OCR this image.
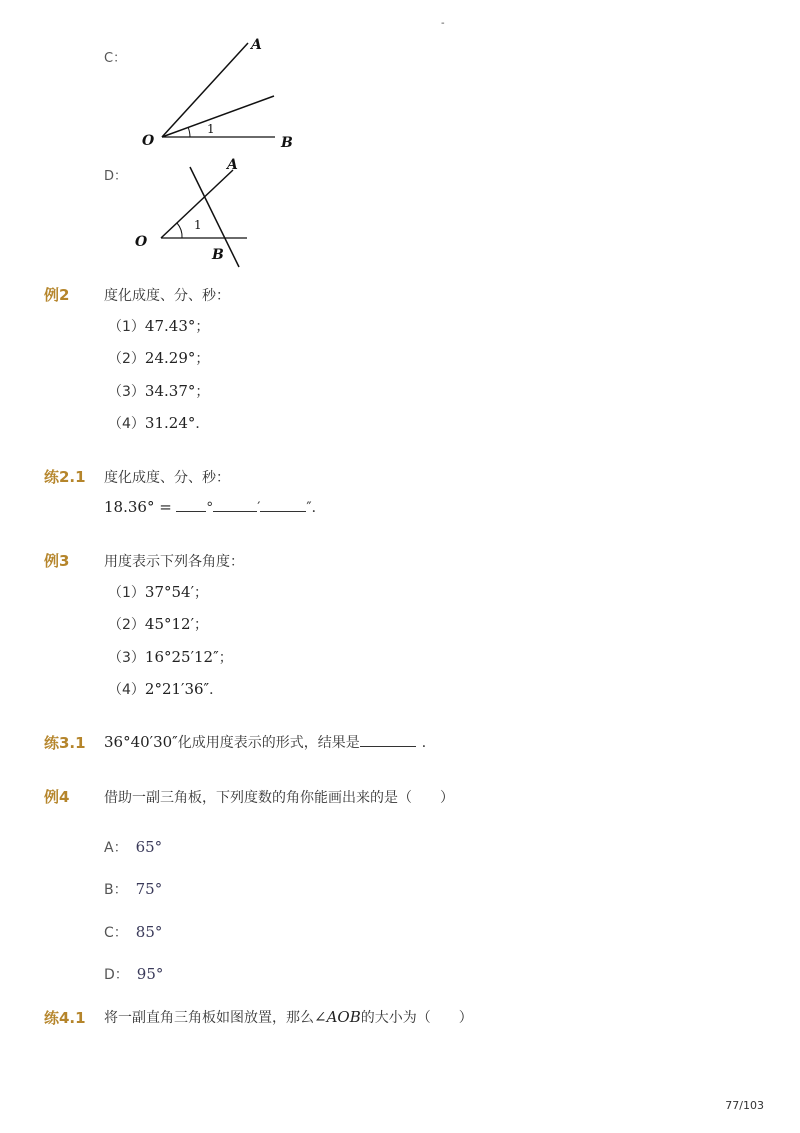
-
C：
O
A
B
1
D：
O
A
B
1
例2 度化成度、分、秒：
（1）47.43°；
（2）24.29°；
（3）34.37°；
（4）31.24°．
练2.1 度化成度、分、秒：
18.36° = °	′	″．
例3 用度表示下列各角度：
（1）37°54′；
（2）45°12′；
（3）16°25′12″；
（4）2°21′36″．
练3.1 36°40′30″化成用度表示的形式，结果是	．
例4 借助一副三角板，下列度数的角你能画出来的是（　　）
A： 65°
B： 75°
C： 85°
D： 95°
练4.1 将一副直角三角板如图放置，那么∠AOB的大小为（　　）
77/103
